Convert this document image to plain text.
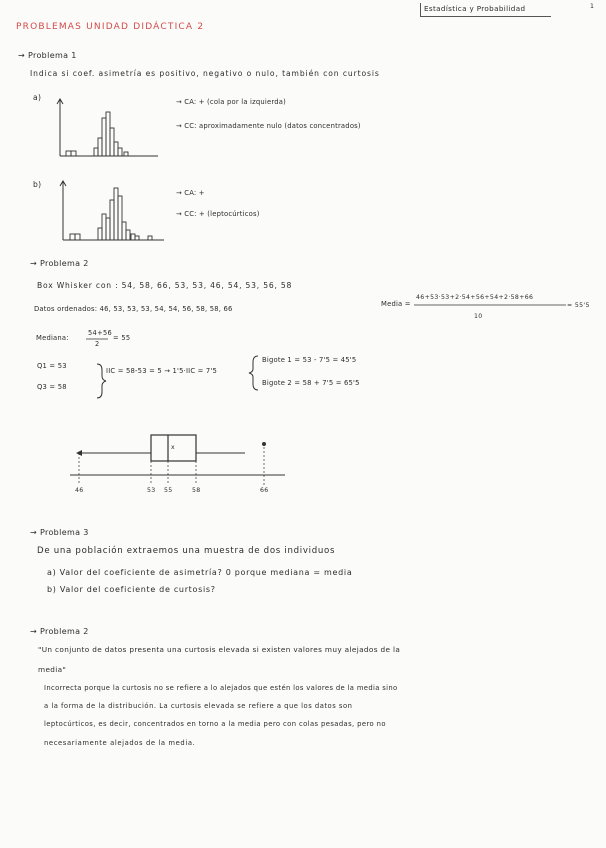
PROBLEMAS UNIDAD DIDÁCTICA 2
Estadística y Probabilidad	1
→ Problema 1
Indica si coef. asimetría es positivo, negativo o nulo, también con curtosis
a)	→ CA: + (cola por la izquierda)
→ CC: aproximadamente nulo (datos concentrados)
b)
→ CA: +
→ CC: + (leptocúrticos)
→ Problema 2
Box Whisker con : 54, 58, 66, 53, 53, 46, 54, 53, 56, 58
Datos ordenados: 46, 53, 53, 53, 54, 54, 56, 58, 58, 66
Media =
46+53·53+2·54+56+54+2·58+66
10
= 55'5
Mediana:
54+56
2
= 55
Q1 = 53
Q3 = 58
IIC = 58-53 = 5 → 1'5·IIC = 7'5
Bigote 1 = 53 - 7'5 = 45'5
Bigote 2 = 58 + 7'5 = 65'5
x
46	53 55	58	66
→ Problema 3
De una población extraemos una muestra de dos individuos
a) Valor del coeficiente de asimetría? 0 porque mediana = media
b) Valor del coeficiente de curtosis?
→ Problema 2
"Un conjunto de datos presenta una curtosis elevada si existen valores muy alejados de la
media"
Incorrecta porque la curtosis no se refiere a lo alejados que estén los valores de la media sino
a la forma de la distribución. La curtosis elevada se refiere a que los datos son
leptocúrticos, es decir, concentrados en torno a la media pero con colas pesadas, pero no
necesariamente alejados de la media.
